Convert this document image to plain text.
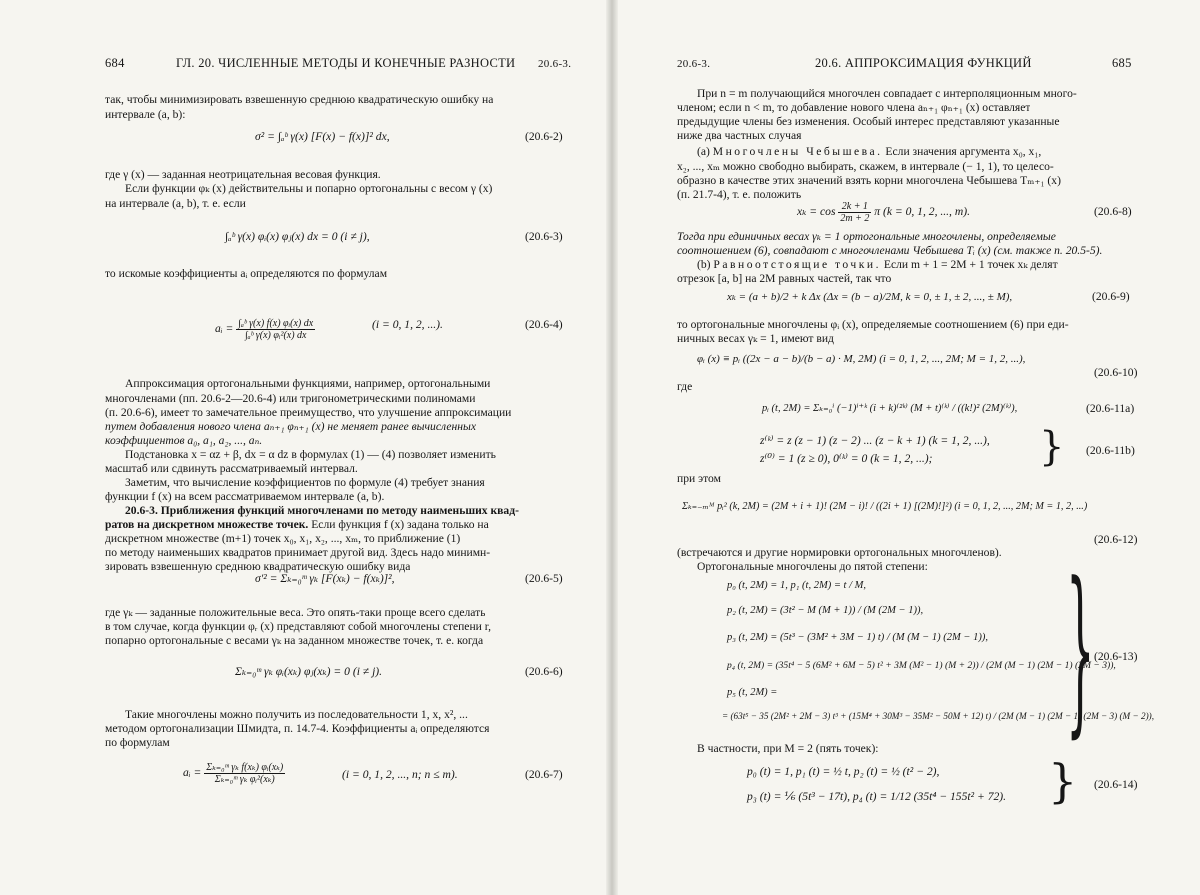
684	ГЛ. 20. ЧИСЛЕННЫЕ МЕТОДЫ И КОНЕЧНЫЕ РАЗНОСТИ 20.6-3.
так, чтобы минимизировать взвешенную среднюю квадратическую ошибку на
интервале (a, b):
σ² = ∫ₐᵇ γ(x) [F(x) − f(x)]² dx,	(20.6-2)
где γ (x) — заданная неотрицательная весовая функция.
Если функции φₖ (x) действительны и попарно ортогональны с весом γ (x)
на интервале (a, b), т. е. если
∫ₐᵇ γ(x) φᵢ(x) φⱼ(x) dx = 0 (i ≠ j),	(20.6-3)
то искомые коэффициенты aᵢ определяются по формулам
aᵢ = $\frac{\text{∫ₐᵇ γ(x) f(x) φᵢ(x) dx}}{\text{∫ₐᵇ γ(x) φᵢ²(x) dx}}$	(i = 0, 1, 2, ...).	(20.6-4)
Аппроксимация ортогональными функциями, например, ортогональными
многочленами (пп. 20.6-2—20.6-4) или тригонометрическими полиномами
(п. 20.6-6), имеет то замечательное преимущество, что улучшение аппроксимации
путем добавления нового члена aₙ₊₁ φₙ₊₁ (x) не меняет ранее вычисленных
коэффициентов a₀, a₁, a₂, ..., aₙ.
Подстановка x = αz + β, dx = α dz в формулах (1) — (4) позволяет изменить
масштаб или сдвинуть рассматриваемый интервал.
Заметим, что вычисление коэффициентов по формуле (4) требует знания
функции f (x) на всем рассматриваемом интервале (a, b).
20.6-3. Приближения функций многочленами по методу наименьших квад-
ратов на дискретном множестве точек. Если функция f (x) задана только на
дискретном множестве (m+1) точек x₀, x₁, x₂, ..., xₘ, то приближение (1)
по методу наименьших квадратов принимает другой вид. Здесь надо минимн-
зировать взвешенную среднюю квадратическую ошибку вида
σ′² = Σₖ₌₀ᵐ γₖ [F(xₖ) − f(xₖ)]²,	(20.6-5)
где γₖ — заданные положительные веса. Это опять-таки проще всего сделать
в том случае, когда функции φᵣ (x) представляют собой многочлены степени r,
попарно ортогональные с весами γₖ на заданном множестве точек, т. е. когда
Σₖ₌₀ᵐ γₖ φᵢ(xₖ) φⱼ(xₖ) = 0 (i ≠ j).	(20.6-6)
Такие многочлены можно получить из последовательности 1, x, x², ...
методом ортогонализации Шмидта, п. 14.7-4. Коэффициенты aᵢ определяются
по формулам
aᵢ = $\frac{\text{Σₖ₌₀ᵐ γₖ f(xₖ) φᵢ(xₖ)}}{\text{Σₖ₌₀ᵐ γₖ φᵢ²(xₖ)}}$	(i = 0, 1, 2, ..., n; n ≤ m).	(20.6-7)
20.6-3.	20.6. АППРОКСИМАЦИЯ ФУНКЦИЙ	685
При n = m получающийся многочлен совпадает с интерполяционным много-
членом; если n < m, то добавление нового члена aₙ₊₁ φₙ₊₁ (x) оставляет
предыдущие члены без изменения. Особый интерес представляют указанные
ниже два частных случая
(a) Многочлены Чебышева. Если значения аргумента x₀, x₁,
x₂, ..., xₘ можно свободно выбирать, скажем, в интервале (− 1, 1), то целесо-
образно в качестве этих значений взять корни многочлена Чебышева Tₘ₊₁ (x)
(п. 21.7-4), т. е. положить
$x_k = \cos \frac{2k + 1}{2m + 2}$ π (k = 0, 1, 2, ..., m).	(20.6-8)
Тогда при единичных весах γₖ = 1 ортогональные многочлены, определяемые
соотношением (6), совпадают с многочленами Чебышева Tᵢ (x) (см. также п. 20.5-5).
(b) Равноотстоящие точки. Если m + 1 = 2M + 1 точек xₖ делят
отрезок [a, b] на 2M равных частей, так что
xₖ = (a + b)/2 + k Δx (Δx = (b − a)/2M, k = 0, ± 1, ± 2, ..., ± M),	(20.6-9)
то ортогональные многочлены φᵢ (x), определяемые соотношением (6) при еди-
ничных весах γₖ = 1, имеют вид
φᵢ (x) ≡ pᵢ ((2x − a − b)/(b − a) · M, 2M) (i = 0, 1, 2, ..., 2M; M = 1, 2, ...),
(20.6-10)
где
pᵢ (t, 2M) = Σₖ₌₀ⁱ (−1)ⁱ⁺ᵏ (i + k)⁽²ᵏ⁾ (M + t)⁽ᵏ⁾ / ((k!)² (2M)⁽ᵏ⁾),	(20.6-11a)
z⁽ᵏ⁾ = z (z − 1) (z − 2) ... (z − k + 1) (k = 1, 2, ...),
z⁽⁰⁾ = 1 (z ≥ 0), 0⁽ᵏ⁾ = 0 (k = 1, 2, ...);	} (20.6-11b)
при этом
Σₖ₌₋ₘᴹ pᵢ² (k, 2M) = (2M + i + 1)! (2M − i)! / ((2i + 1) [(2M)!]²) (i = 0, 1, 2, ..., 2M; M = 1, 2, ...)
(20.6-12)
(встречаются и другие нормировки ортогональных многочленов).
Ортогональные многочлены до пятой степени:
p₀ (t, 2M) = 1, p₁ (t, 2M) = t / M,
p₂ (t, 2M) = (3t² − M (M + 1)) / (M (2M − 1)),
p₃ (t, 2M) = (5t³ − (3M² + 3M − 1) t) / (M (M − 1) (2M − 1)),
p₄ (t, 2M) = (35t⁴ − 5 (6M² + 6M − 5) t² + 3M (M² − 1) (M + 2)) / (2M (M − 1) (2M − 1) (2M − 3)),
p₅ (t, 2M) =
= (63t⁵ − 35 (2M² + 2M − 3) t³ + (15M⁴ + 30M³ − 35M² − 50M + 12) t) / (2M (M − 1) (2M − 1) (2M − 3) (M − 2)),
} (20.6-13)
В частности, при M = 2 (пять точек):
p₀ (t) = 1, p₁ (t) = ½ t, p₂ (t) = ½ (t² − 2),
p₃ (t) = ⅙ (5t³ − 17t), p₄ (t) = 1/12 (35t⁴ − 155t² + 72). } (20.6-14)
